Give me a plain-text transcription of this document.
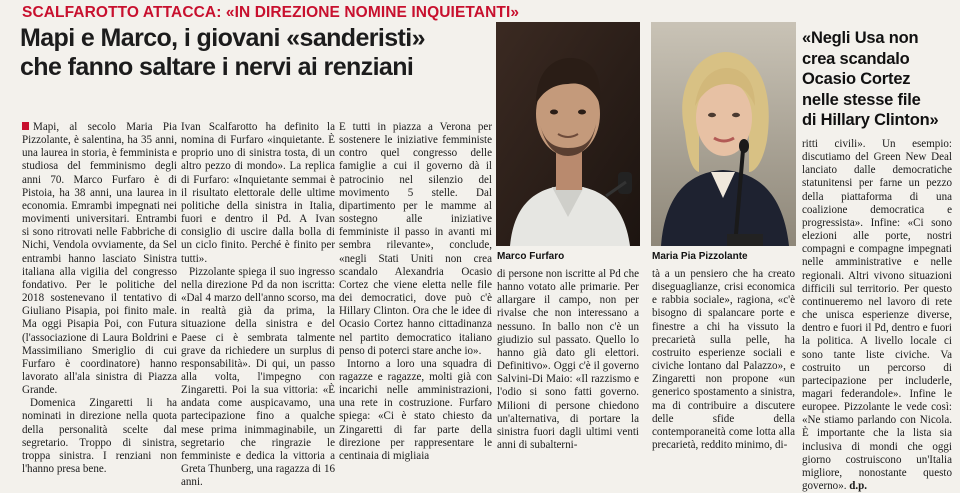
SCALFAROTTO ATTACCA: «IN DIREZIONE NOMINE INQUIETANTI»
Mapi e Marco, i giovani «sanderisti»
che fanno saltare i nervi ai renziani

Mapi, al secolo Maria Pia Pizzolante, è salentina, ha 35 anni, una laurea in storia, è femminista e studiosa del femminismo degli anni 70. Marco Furfaro è di Pistoia, ha 38 anni, una laurea in economia. Emrambi impegnati nei movimenti universitari. Entrambi si sono ritrovati nelle Fabbriche di Nichi, Vendola ovviamente, da Sel entrambi hanno lasciato Sinistra italiana alla vigilia del congresso fondativo. Per le politiche del 2018 sostenevano il tentativo di Giuliano Pisapia, poi finito male. Ma oggi Pisapia Poi, con Futura (l'associazione di Laura Boldrini e Massimiliano Smeriglio di cui Furfaro è coordinatore) hanno lavorato all'ala sinistra di Piazza Grande.

Domenica Zingaretti li ha nominati in direzione nella quota della personalità scelte dal segretario. Troppo di sinistra, troppa sinistra. I renziani non l'hanno presa bene.

Ivan Scalfarotto ha definito la nomina di Furfaro «inquietante. È proprio uno di sinistra tosta, di un altro pezzo di mondo». La replica di Furfaro: «Inquietante semmai è il risultato elettorale delle ultime politiche della sinistra in Italia, fuori e dentro il Pd. A Ivan consiglio di uscire dalla bolla di un ciclo finito. Perché è finito per tutti».

Pizzolante spiega il suo ingresso nella direzione Pd da non iscritta: «Dal 4 marzo dell'anno scorso, ma in realtà già da prima, la situazione della sinistra e del Paese ci è sembrata talmente grave da richiedere un surplus di responsabilità». Di qui, un passo alla volta, l'impegno con Zingaretti. Poi la sua vittoria: «È andata come auspicavamo, una partecipazione fino a qualche mese prima inimmaginabile, un segretario che ringrazie le femministe e dedica la vittoria a Greta Thunberg, una ragazza di 16 anni.

E tutti in piazza a Verona per sostenere le iniziative femministe contro quel congresso delle famiglie a cui il governo dà il patrocinio nel silenzio del movimento 5 stelle. Dal dipartimento per le mamme al sostegno alle iniziative femministe il passo in avanti mi sembra rilevante», conclude, «negli Stati Uniti non crea scandalo Alexandria Ocasio Cortez che viene eletta nelle file dei democratici, dove può c'è Hillary Clinton. Ora che le idee di Ocasio Cortez hanno cittadinanza nel partito democratico italiano penso di poterci stare anche io».

Intorno a loro una squadra di ragazze e ragazze, molti già con incarichi nelle amministrazioni, una rete in costruzione. Furfaro spiega: «Ci è stato chiesto da Zingaretti di far parte della direzione per rappresentare le centinaia di migliaia

Marco Furfaro	Maria Pia Pizzolante
«Negli Usa non
crea scandalo
Ocasio Cortez
nelle stesse file
di Hillary Clinton»

di persone non iscritte al Pd che hanno votato alle primarie. Per allargare il campo, non per rivalse che non interessano a nessuno. In ballo non c'è un giudizio sul passato. Quello lo hanno già dato gli elettori. Definitivo». Oggi c'è il governo Salvini-Di Maio: «Il razzismo e l'odio si sono fatti governo. Milioni di persone chiedono un'alternativa, di portare la sinistra fuori dagli ultimi venti anni di subalterni-

tà a un pensiero che ha creato diseguaglianze, crisi economica e rabbia sociale», ragiona, «c'è bisogno di spalancare porte e finestre a chi ha vissuto la precarietà sulla pelle, ha costruito esperienze sociali e civiche lontano dal Palazzo», e Zingaretti non propone «un generico spostamento a sinistra, ma di contribuire a discutere delle sfide della contemporaneità come lotta alla precarietà, reddito minimo, di-

ritti civili». Un esempio: discutiamo del Green New Deal lanciato dalle democratiche statunitensi per farne un pezzo della piattaforma di una coalizione democratica e progressista». Infine: «Ci sono elezioni alle porte, nostri compagni e compagne impegnati nelle amministrative e nelle regionali. Altri vivono situazioni difficili sul territorio. Per questo continueremo nel lavoro di rete che unisca esperienze diverse, dentro e fuori il Pd, dentro e fuori la politica. A livello locale ci sono tante liste civiche. Va costruito un percorso di partecipazione per includerle, magari federandole». Infine le europee. Pizzolante le vede così: «Ne stiamo parlando con Nicola. È importante che la lista sia inclusiva di mondi che oggi giorno costruiscono un'Italia migliore, nonostante questo governo». d.p.
